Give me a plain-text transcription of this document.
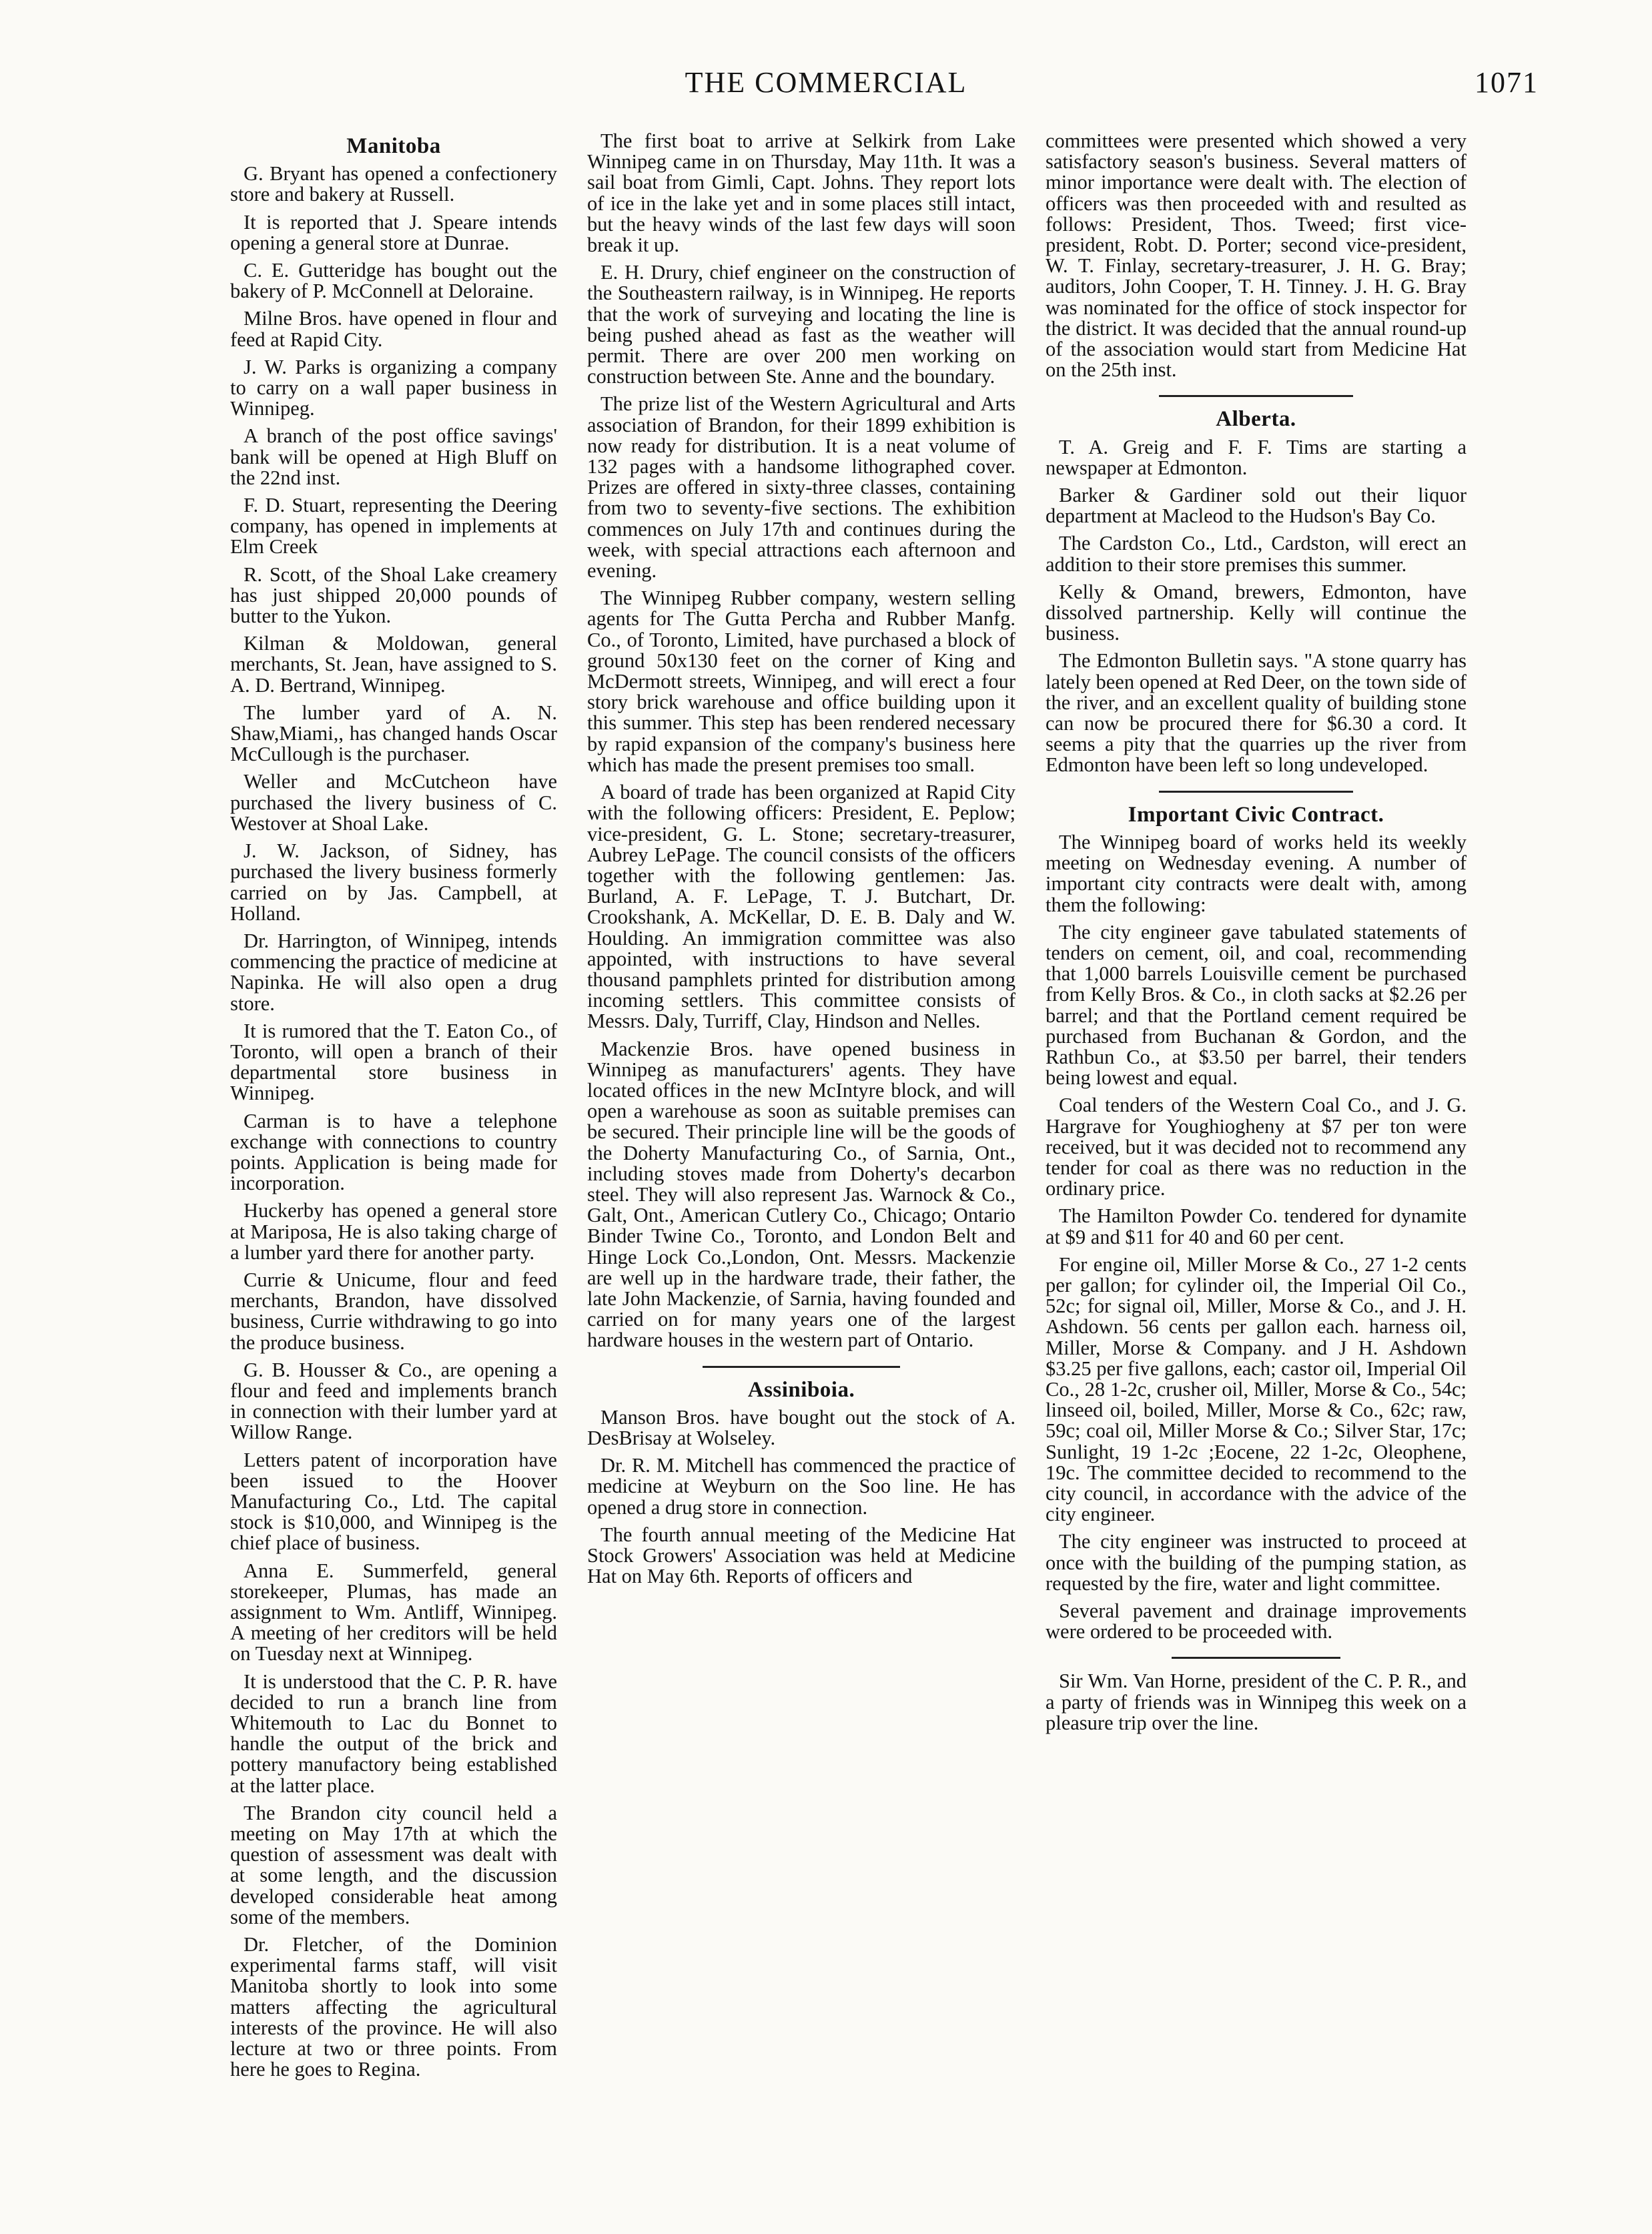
THE COMMERCIAL	1071
Manitoba

G. Bryant has opened a confectionery store and bakery at Russell.

It is reported that J. Speare intends opening a general store at Dunrae.

C. E. Gutteridge has bought out the bakery of P. McConnell at Deloraine.

Milne Bros. have opened in flour and feed at Rapid City.

J. W. Parks is organizing a company to carry on a wall paper business in Winnipeg.

A branch of the post office savings' bank will be opened at High Bluff on the 22nd inst.

F. D. Stuart, representing the Deering company, has opened in implements at Elm Creek

R. Scott, of the Shoal Lake creamery has just shipped 20,000 pounds of butter to the Yukon.

Kilman & Moldowan, general merchants, St. Jean, have assigned to S. A. D. Bertrand, Winnipeg.

The lumber yard of A. N. Shaw,Miami,, has changed hands Oscar McCullough is the purchaser.

Weller and McCutcheon have purchased the livery business of C. Westover at Shoal Lake.

J. W. Jackson, of Sidney, has purchased the livery business formerly carried on by Jas. Campbell, at Holland.

Dr. Harrington, of Winnipeg, intends commencing the practice of medicine at Napinka. He will also open a drug store.

It is rumored that the T. Eaton Co., of Toronto, will open a branch of their departmental store business in Winnipeg.

Carman is to have a telephone exchange with connections to country points. Application is being made for incorporation.

Huckerby has opened a general store at Mariposa, He is also taking charge of a lumber yard there for another party.

Currie & Unicume, flour and feed merchants, Brandon, have dissolved business, Currie withdrawing to go into the produce business.

G. B. Housser & Co., are opening a flour and feed and implements branch in connection with their lumber yard at Willow Range.

Letters patent of incorporation have been issued to the Hoover Manufacturing Co., Ltd. The capital stock is $10,000, and Winnipeg is the chief place of business.

Anna E. Summerfeld, general storekeeper, Plumas, has made an assignment to Wm. Antliff, Winnipeg. A meeting of her creditors will be held on Tuesday next at Winnipeg.

It is understood that the C. P. R. have decided to run a branch line from Whitemouth to Lac du Bonnet to handle the output of the brick and pottery manufactory being established at the latter place.

The Brandon city council held a meeting on May 17th at which the question of assessment was dealt with at some length, and the discussion developed considerable heat among some of the members.

Dr. Fletcher, of the Dominion experimental farms staff, will visit Manitoba shortly to look into some matters affecting the agricultural interests of the province. He will also lecture at two or three points. From here he goes to Regina.

The first boat to arrive at Selkirk from Lake Winnipeg came in on Thursday, May 11th. It was a sail boat from Gimli, Capt. Johns. They report lots of ice in the lake yet and in some places still intact, but the heavy winds of the last few days will soon break it up.

E. H. Drury, chief engineer on the construction of the Southeastern railway, is in Winnipeg. He reports that the work of surveying and locating the line is being pushed ahead as fast as the weather will permit. There are over 200 men working on construction between Ste. Anne and the boundary.

The prize list of the Western Agricultural and Arts association of Brandon, for their 1899 exhibition is now ready for distribution. It is a neat volume of 132 pages with a handsome lithographed cover. Prizes are offered in sixty-three classes, containing from two to seventy-five sections. The exhibition commences on July 17th and continues during the week, with special attractions each afternoon and evening.

The Winnipeg Rubber company, western selling agents for The Gutta Percha and Rubber Manfg. Co., of Toronto, Limited, have purchased a block of ground 50x130 feet on the corner of King and McDermott streets, Winnipeg, and will erect a four story brick warehouse and office building upon it this summer. This step has been rendered necessary by rapid expansion of the company's business here which has made the present premises too small.

A board of trade has been organized at Rapid City with the following officers: President, E. Peplow; vice-president, G. L. Stone; secretary-treasurer, Aubrey LePage. The council consists of the officers together with the following gentlemen: Jas. Burland, A. F. LePage, T. J. Butchart, Dr. Crookshank, A. McKellar, D. E. B. Daly and W. Houlding. An immigration committee was also appointed, with instructions to have several thousand pamphlets printed for distribution among incoming settlers. This committee consists of Messrs. Daly, Turriff, Clay, Hindson and Nelles.

Mackenzie Bros. have opened business in Winnipeg as manufacturers' agents. They have located offices in the new McIntyre block, and will open a warehouse as soon as suitable premises can be secured. Their principle line will be the goods of the Doherty Manufacturing Co., of Sarnia, Ont., including stoves made from Doherty's decarbon steel. They will also represent Jas. Warnock & Co., Galt, Ont., American Cutlery Co., Chicago; Ontario Binder Twine Co., Toronto, and London Belt and Hinge Lock Co.,London, Ont. Messrs. Mackenzie are well up in the hardware trade, their father, the late John Mackenzie, of Sarnia, having founded and carried on for many years one of the largest hardware houses in the western part of Ontario.

Assiniboia.

Manson Bros. have bought out the stock of A. DesBrisay at Wolseley.

Dr. R. M. Mitchell has commenced the practice of medicine at Weyburn on the Soo line. He has opened a drug store in connection.

The fourth annual meeting of the Medicine Hat Stock Growers' Association was held at Medicine Hat on May 6th. Reports of officers and

committees were presented which showed a very satisfactory season's business. Several matters of minor importance were dealt with. The election of officers was then proceeded with and resulted as follows: President, Thos. Tweed; first vice-president, Robt. D. Porter; second vice-president, W. T. Finlay, secretary-treasurer, J. H. G. Bray; auditors, John Cooper, T. H. Tinney. J. H. G. Bray was nominated for the office of stock inspector for the district. It was decided that the annual round-up of the association would start from Medicine Hat on the 25th inst.

Alberta.

T. A. Greig and F. F. Tims are starting a newspaper at Edmonton.

Barker & Gardiner sold out their liquor department at Macleod to the Hudson's Bay Co.

The Cardston Co., Ltd., Cardston, will erect an addition to their store premises this summer.

Kelly & Omand, brewers, Edmonton, have dissolved partnership. Kelly will continue the business.

The Edmonton Bulletin says. "A stone quarry has lately been opened at Red Deer, on the town side of the river, and an excellent quality of building stone can now be procured there for $6.30 a cord. It seems a pity that the quarries up the river from Edmonton have been left so long undeveloped.

Important Civic Contract.

The Winnipeg board of works held its weekly meeting on Wednesday evening. A number of important city contracts were dealt with, among them the following:

The city engineer gave tabulated statements of tenders on cement, oil, and coal, recommending that 1,000 barrels Louisville cement be purchased from Kelly Bros. & Co., in cloth sacks at $2.26 per barrel; and that the Portland cement required be purchased from Buchanan & Gordon, and the Rathbun Co., at $3.50 per barrel, their tenders being lowest and equal.

Coal tenders of the Western Coal Co., and J. G. Hargrave for Youghiogheny at $7 per ton were received, but it was decided not to recommend any tender for coal as there was no reduction in the ordinary price.

The Hamilton Powder Co. tendered for dynamite at $9 and $11 for 40 and 60 per cent.

For engine oil, Miller Morse & Co., 27 1-2 cents per gallon; for cylinder oil, the Imperial Oil Co., 52c; for signal oil, Miller, Morse & Co., and J. H. Ashdown. 56 cents per gallon each. harness oil, Miller, Morse & Company. and J H. Ashdown $3.25 per five gallons, each; castor oil, Imperial Oil Co., 28 1-2c, crusher oil, Miller, Morse & Co., 54c; linseed oil, boiled, Miller, Morse & Co., 62c; raw, 59c; coal oil, Miller Morse & Co.; Silver Star, 17c; Sunlight, 19 1-2c ;Eocene, 22 1-2c, Oleophene, 19c. The committee decided to recommend to the city council, in accordance with the advice of the city engineer.

The city engineer was instructed to proceed at once with the building of the pumping station, as requested by the fire, water and light committee.

Several pavement and drainage improvements were ordered to be proceeded with.

Sir Wm. Van Horne, president of the C. P. R., and a party of friends was in Winnipeg this week on a pleasure trip over the line.
